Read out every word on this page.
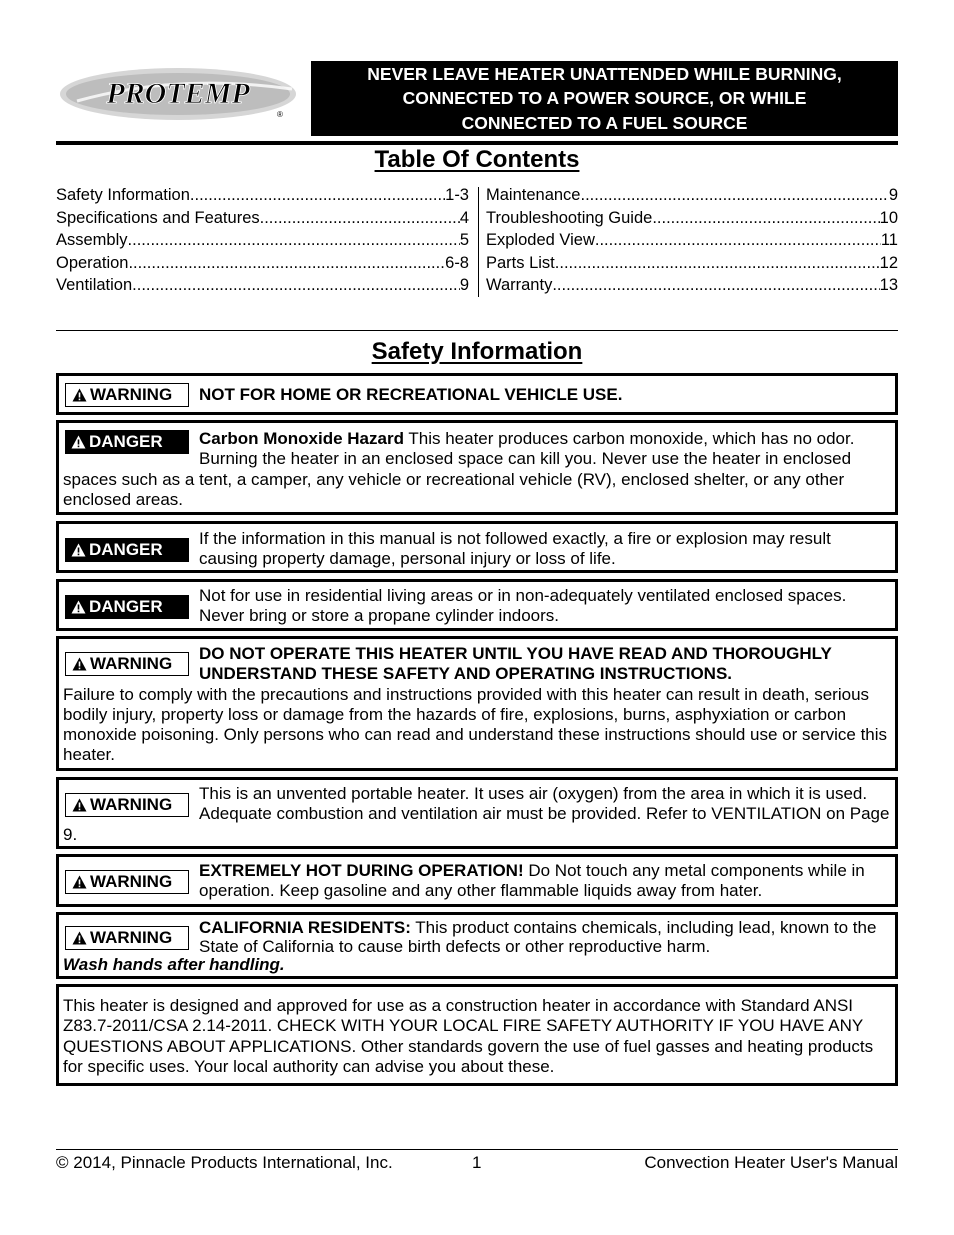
PROTEMP
®
NEVER LEAVE HEATER UNATTENDED WHILE BURNING,
CONNECTED TO A POWER SOURCE, OR WHILE
CONNECTED TO A FUEL SOURCE
Table Of Contents
Safety Information .....	1-3
Specifications and Features .....	4
Assembly .....	5
Operation .....	6-8
Ventilation .....	9
Maintenance .....	9
Troubleshooting Guide .....	10
Exploded View .....	11
Parts List .....	12
Warranty .....	13
Safety Information
WARNING NOT FOR HOME OR RECREATIONAL VEHICLE USE.
DANGER Carbon Monoxide Hazard This heater produces carbon monoxide, which has no odor. Burning the heater in an enclosed space can kill you. Never use the heater in enclosed spaces such as a tent, a camper, any vehicle or recreational vehicle (RV), enclosed shelter, or any other enclosed areas.
DANGER
If the information in this manual is not followed exactly, a fire or explosion may result causing property damage, personal injury or loss of life.
DANGER
Not for use in residential living areas or in non-adequately ventilated enclosed spaces. Never bring or store a propane cylinder indoors.
WARNING
DO NOT OPERATE THIS HEATER UNTIL YOU HAVE READ AND THOROUGHLY UNDERSTAND THESE SAFETY AND OPERATING INSTRUCTIONS.
Failure to comply with the precautions and instructions provided with this heater can result in death, serious bodily injury, property loss or damage from the hazards of fire, explosions, burns, asphyxiation or carbon monoxide poisoning. Only persons who can read and understand these instructions should use or service this heater.
WARNING
This is an unvented portable heater. It uses air (oxygen) from the area in which it is used. Adequate combustion and ventilation air must be provided. Refer to VENTILATION on Page 9.
WARNING
EXTREMELY HOT DURING OPERATION! Do Not touch any metal components while in operation. Keep gasoline and any other flammable liquids away from hater.
WARNING
CALIFORNIA RESIDENTS: This product contains chemicals, including lead, known to the State of California to cause birth defects or other reproductive harm.
Wash hands after handling.
This heater is designed and approved for use as a construction heater in accordance with Standard ANSI Z83.7-2011/CSA 2.14-2011. CHECK WITH YOUR LOCAL FIRE SAFETY AUTHORITY IF YOU HAVE ANY QUESTIONS ABOUT APPLICATIONS. Other standards govern the use of fuel gasses and heating products for specific uses. Your local authority can advise you about these.
© 2014, Pinnacle Products International, Inc.	1	Convection Heater User's Manual
